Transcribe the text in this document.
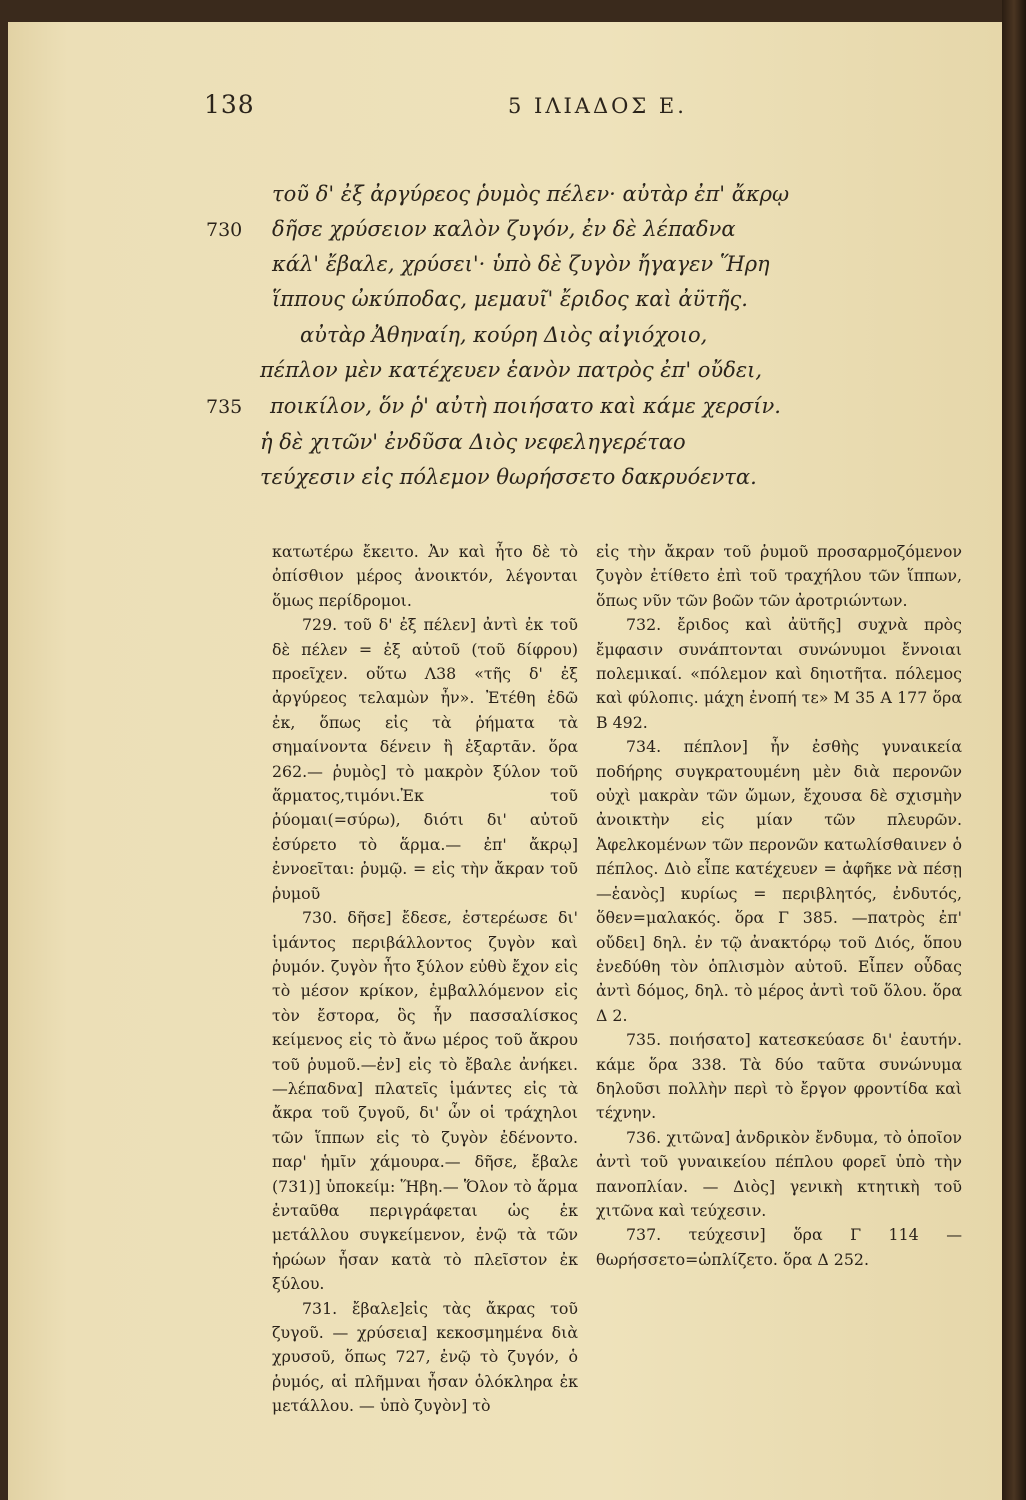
138	5 ΙΛΙΑΔΟΣ Ε.
τοῦ δ' ἐξ ἀργύρεος ῥυμὸς πέλεν· αὐτὰρ ἐπ' ἄκρῳ
730	δῆσε χρύσειον καλὸν ζυγόν, ἐν δὲ λέπαδνα
κάλ' ἔβαλε, χρύσει'· ὑπὸ δὲ ζυγὸν ἤγαγεν Ἥρη
ἵππους ὠκύποδας, μεμαυῖ' ἔριδος καὶ ἀϋτῆς.
αὐτὰρ Ἀθηναίη, κούρη Διὸς αἰγιόχοιο,
πέπλον μὲν κατέχευεν ἑανὸν πατρὸς ἐπ' οὔδει,
735	ποικίλον, ὅν ῥ' αὐτὴ ποιήσατο καὶ κάμε χερσίν.
ἡ δὲ χιτῶν' ἐνδῦσα Διὸς νεφεληγερέταο
τεύχεσιν εἰς πόλεμον θωρήσσετο δακρυόεντα.

κατωτέρω ἔκειτο. Ἀν καὶ ἦτο δὲ τὸ ὀπίσθιον μέρος ἀνοικτόν, λέγονται ὅμως περίδρομοι.

729. τοῦ δ' ἐξ πέλεν] ἀντὶ ἐκ τοῦ δὲ πέλεν = ἐξ αὐτοῦ (τοῦ δίφρου) προεῖχεν. οὕτω Λ38 «τῆς δ' ἐξ ἀργύρεος τελαμὼν ἦν». Ἐτέθη ἐδῶ ἐκ, ὅπως εἰς τὰ ῥήματα τὰ σημαίνοντα δένειν ἢ ἐξαρτᾶν. ὅρα 262.— ῥυμὸς] τὸ μακρὸν ξύλον τοῦ ἅρματος,τιμόνι.Ἐκ τοῦ ῥύομαι(=σύρω), διότι δι' αὐτοῦ ἐσύρετο τὸ ἅρμα.— ἐπ' ἄκρῳ] ἐννοεῖται: ῥυμῷ. = εἰς τὴν ἄκραν τοῦ ῥυμοῦ

730. δῆσε] ἔδεσε, ἐστερέωσε δι' ἱμάντος περιβάλλοντος ζυγὸν καὶ ῥυμόν. ζυγὸν ἦτο ξύλον εὐθὺ ἔχον εἰς τὸ μέσον κρίκον, ἐμβαλλόμενον εἰς τὸν ἔστορα, ὃς ἦν πασσαλίσκος κείμενος εἰς τὸ ἄνω μέρος τοῦ ἄκρου τοῦ ῥυμοῦ.—ἐν] εἰς τὸ ἔβαλε ἀνήκει.—λέπαδνα] πλατεῖς ἱμάντες εἰς τὰ ἄκρα τοῦ ζυγοῦ, δι' ὧν οἱ τράχηλοι τῶν ἵππων εἰς τὸ ζυγὸν ἐδένοντο. παρ' ἡμῖν χάμουρα.— δῆσε, ἔβαλε (731)] ὑποκείμ: Ἥβη.— Ὅλον τὸ ἅρμα ἐνταῦθα περιγράφεται ὡς ἐκ μετάλλου συγκείμενον, ἐνῷ τὰ τῶν ἡρώων ἦσαν κατὰ τὸ πλεῖστον ἐκ ξύλου.

731. ἔβαλε]εἰς τὰς ἄκρας τοῦ ζυγοῦ. — χρύσεια] κεκοσμημένα διὰ χρυσοῦ, ὅπως 727, ἐνῷ τὸ ζυγόν, ὁ ῥυμός, αἱ πλῆμναι ἦσαν ὁλόκληρα ἐκ μετάλλου. — ὑπὸ ζυγὸν] τὸ

εἰς τὴν ἄκραν τοῦ ῥυμοῦ προσαρμοζόμενον ζυγὸν ἐτίθετο ἐπὶ τοῦ τραχήλου τῶν ἵππων, ὅπως νῦν τῶν βοῶν τῶν ἀροτριώντων.

732. ἔριδος καὶ ἀϋτῆς] συχνὰ πρὸς ἔμφασιν συνάπτονται συνώνυμοι ἔννοιαι πολεμικαί. «πόλεμον καὶ δηιοτῆτα. πόλεμος καὶ φύλοπις. μάχη ἐνοπή τε» Μ 35 Α 177 ὅρα Β 492.

734. πέπλον] ἦν ἐσθὴς γυναικεία ποδήρης συγκρατουμένη μὲν διὰ περονῶν οὐχὶ μακρὰν τῶν ὤμων, ἔχουσα δὲ σχισμὴν ἀνοικτὴν εἰς μίαν τῶν πλευρῶν. Ἀφελκομένων τῶν περονῶν κατωλίσθαινεν ὁ πέπλος. Διὸ εἶπε κατέχευεν = ἀφῆκε νὰ πέσῃ —ἑανὸς] κυρίως = περιβλητός, ἐνδυτός, ὅθεν=μαλακός. ὅρα Γ 385. —πατρὸς ἐπ' οὔδει] δηλ. ἐν τῷ ἀνακτόρῳ τοῦ Διός, ὅπου ἐνεδύθη τὸν ὁπλισμὸν αὐτοῦ. Εἶπεν οὖδας ἀντὶ δόμος, δηλ. τὸ μέρος ἀντὶ τοῦ ὅλου. ὅρα Δ 2.

735. ποιήσατο] κατεσκεύασε δι' ἑαυτήν. κάμε ὅρα 338. Τὰ δύο ταῦτα συνώνυμα δηλοῦσι πολλὴν περὶ τὸ ἔργον φροντίδα καὶ τέχνην.

736. χιτῶνα] ἀνδρικὸν ἔνδυμα, τὸ ὁποῖον ἀντὶ τοῦ γυναικείου πέπλου φορεῖ ὑπὸ τὴν πανοπλίαν. — Διὸς] γενικὴ κτητικὴ τοῦ χιτῶνα καὶ τεύχεσιν.

737. τεύχεσιν] ὅρα Γ 114 —θωρήσσετο=ὡπλίζετο. ὅρα Δ 252.
